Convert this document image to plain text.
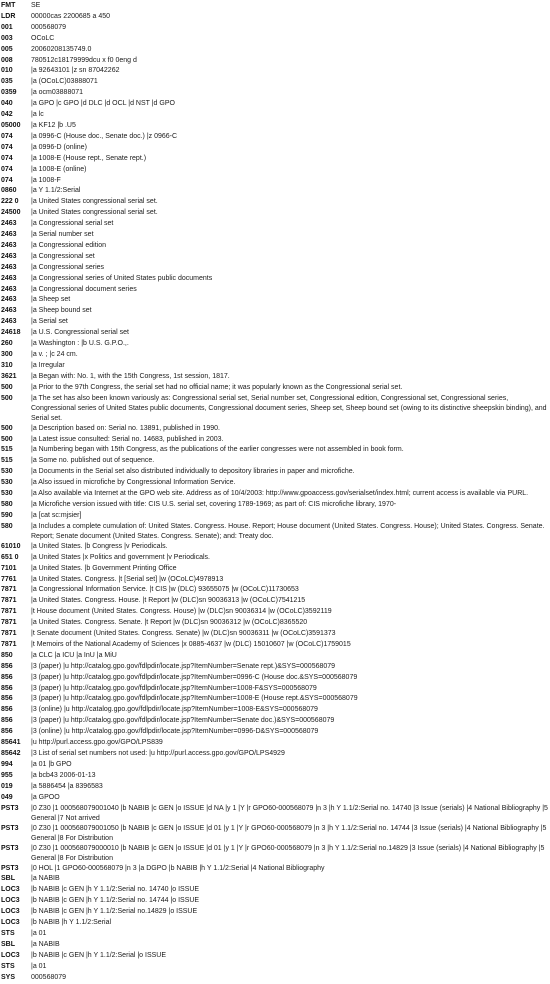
FMT	SE
LDR	00000cas 2200685 a 450
001	000568079
003	OCoLC
005	20060208135749.0
008	780512c18179999dcu x f0 0eng d
010	|a 92643101 |z sn 87042262
035	|a (OCoLC)03888071
0359	|a ocm03888071
040	|a GPO |c GPO |d DLC |d OCL |d NST |d GPO
042	|a lc
05000	|a KF12 |b .U5
074	|a 0996-C (House doc., Senate doc.) |z 0966-C
074	|a 0996-D (online)
074	|a 1008-E (House rept., Senate rept.)
074	|a 1008-E (online)
074	|a 1008-F
0860	|a Y 1.1/2:Serial
222 0	|a United States congressional serial set.
24500	|a United States congressional serial set.
2463	|a Congressional serial set
2463	|a Serial number set
2463	|a Congressional edition
2463	|a Congressional set
2463	|a Congressional series
2463	|a Congressional series of United States public documents
2463	|a Congressional document series
2463	|a Sheep set
2463	|a Sheep bound set
2463	|a Serial set
24618	|a U.S. Congressional serial set
260	|a Washington : |b U.S. G.P.O.,.
300	|a v. ; |c 24 cm.
310	|a Irregular
3621	|a Began with: No. 1, with the 15th Congress, 1st session, 1817.
500	|a Prior to the 97th Congress, the serial set had no official name; it was popularly known as the Congressional serial set.
500	|a The set has also been known variously as: Congressional serial set, Serial number set, Congressional edition, Congressional set, Congressional series, Congressional series of United States public documents, Congressional document series, Sheep set, Sheep bound set (owing to its distinctive sheepskin binding), and Serial set.
500	|a Description based on: Serial no. 13891, published in 1990.
500	|a Latest issue consulted: Serial no. 14683, published in 2003.
515	|a Numbering began with 15th Congress, as the publications of the earlier congresses were not assembled in book form.
515	|a Some no. published out of sequence.
530	|a Documents in the Serial set also distributed individually to depository libraries in paper and microfiche.
530	|a Also issued in microfiche by Congressional Information Service.
530	|a Also available via Internet at the GPO web site. Address as of 10/4/2003: http://www.gpoaccess.gov/serialset/index.html; current access is available via PURL.
580	|a Microfiche version issued with title: CIS U.S. serial set, covering 1789-1969; as part of: CIS microfiche library, 1970-
590	|a [cat sc:mjsier]
580	|a Includes a complete cumulation of: United States. Congress. House. Report; House document (United States. Congress. House); United States. Congress. Senate. Report; Senate document (United States. Congress. Senate); and: Treaty doc.
61010	|a United States. |b Congress |v Periodicals.
651 0	|a United States |x Politics and government |v Periodicals.
7101	|a United States. |b Government Printing Office
7761	|a United States. Congress. |t [Serial set] |w (OCoLC)4978913
7871	|a Congressional Information Service. |t CIS |w (DLC) 93655075 |w (OCoLC)11730653
7871	|a United States. Congress. House. |t Report |w (DLC)sn 90036313 |w (OCoLC)7541215
7871	|t House document (United States. Congress. House) |w (DLC)sn 90036314 |w (OCoLC)3592119
7871	|a United States. Congress. Senate. |t Report |w (DLC)sn 90036312 |w (OCoLC)8365520
7871	|t Senate document (United States. Congress. Senate) |w (DLC)sn 90036311 |w (OCoLC)3591373
7871	|t Memoirs of the National Academy of Sciences |x 0885-4637 |w (DLC) 15010607 |w (OCoLC)1759015
850	|a CLC |a ICU |a InU |a MiU
856	|3 (paper) |u http://catalog.gpo.gov/fdlpdir/locate.jsp?ItemNumber=Senate rept.)&SYS=000568079
856	|3 (paper) |u http://catalog.gpo.gov/fdlpdir/locate.jsp?ItemNumber=0996-C (House doc.&SYS=000568079
856	|3 (paper) |u http://catalog.gpo.gov/fdlpdir/locate.jsp?ItemNumber=1008-F&SYS=000568079
856	|3 (paper) |u http://catalog.gpo.gov/fdlpdir/locate.jsp?ItemNumber=1008-E (House rept.&SYS=000568079
856	|3 (online) |u http://catalog.gpo.gov/fdlpdir/locate.jsp?ItemNumber=1008-E&SYS=000568079
856	|3 (paper) |u http://catalog.gpo.gov/fdlpdir/locate.jsp?ItemNumber=Senate doc.)&SYS=000568079
856	|3 (online) |u http://catalog.gpo.gov/fdlpdir/locate.jsp?ItemNumber=0996-D&SYS=000568079
85641	|u http://purl.access.gpo.gov/GPO/LPS839
85642	|3 List of serial set numbers not used: |u http://purl.access.gpo.gov/GPO/LPS4929
994	|a 01 |b GPO
955	|a bcb43 2006-01-13
019	|a 5886454 |a 8396583
049	|a GPOO
PST3	|0 Z30 |1 000568079001040 |b NABIB |c GEN |o ISSUE |d NA |y 1 |Y |r GPO60-000568079 |n 3 |h Y 1.1/2:Serial no. 14740 |3 Issue (serials) |4 National Bibliography |5 General |7 Not arrived
PST3	|0 Z30 |1 000568079001050 |b NABIB |c GEN |o ISSUE |d 01 |y 1 |Y |r GPO60-000568079 |n 3 |h Y 1.1/2:Serial no. 14744 |3 Issue (serials) |4 National Bibliography |5 General |8 For Distribution
PST3	|0 Z30 |1 000568079000010 |b NABIB |c GEN |o ISSUE |d 01 |y 1 |Y |r GPO60-000568079 |n 3 |h Y 1.1/2:Serial no.14829 |3 Issue (serials) |4 National Bibliography |5 General |8 For Distribution
PST3	|0 HOL |1 GPO60-000568079 |n 3 |a DGPO |b NABIB |h Y 1.1/2:Serial |4 National Bibliography
SBL	|a NABIB
LOC3	|b NABIB |c GEN |h Y 1.1/2:Serial no. 14740 |o ISSUE
LOC3	|b NABIB |c GEN |h Y 1.1/2:Serial no. 14744 |o ISSUE
LOC3	|b NABIB |c GEN |h Y 1.1/2:Serial no.14829 |o ISSUE
LOC3	|b NABIB |h Y 1.1/2:Serial
STS	|a 01
SBL	|a NABIB
LOC3	|b NABIB |c GEN |h Y 1.1/2:Serial |o ISSUE
STS	|a 01
SYS	000568079
